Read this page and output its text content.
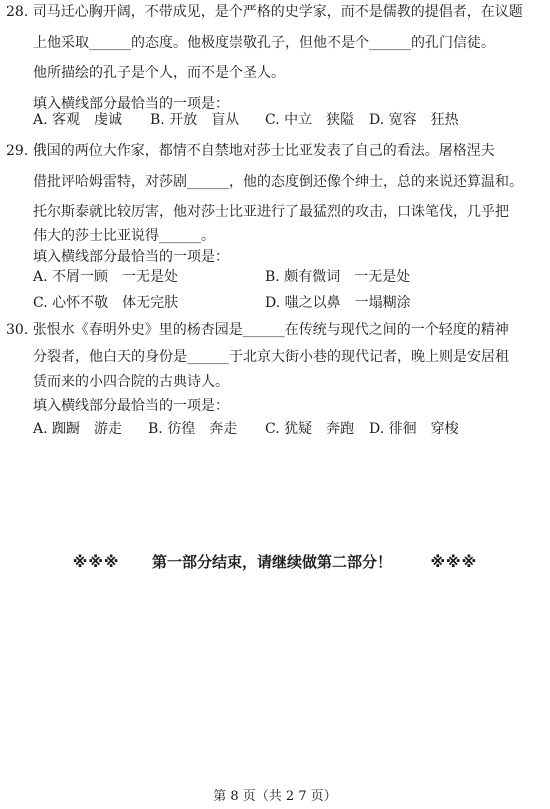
28. 司马迁心胸开阔，不带成见，是个严格的史学家，而不是儒教的提倡者，在议题
上他采取______的态度。他极度崇敬孔子，但他不是个______的孔门信徒。
他所描绘的孔子是个人，而不是个圣人。
填入横线部分最恰当的一项是：
A. 客观　虔诚 B. 开放　盲从 C. 中立　狭隘 D. 宽容　狂热
29. 俄国的两位大作家，都情不自禁地对莎士比亚发表了自己的看法。屠格涅夫
借批评哈姆雷特，对莎剧______，他的态度倒还像个绅士，总的来说还算温和。
托尔斯泰就比较厉害，他对莎士比亚进行了最猛烈的攻击，口诛笔伐，几乎把
伟大的莎士比亚说得______。
填入横线部分最恰当的一项是：
A. 不屑一顾　一无是处	B. 颇有微词　一无是处
C. 心怀不敬　体无完肤	D. 嗤之以鼻　一塌糊涂
30. 张恨水《春明外史》里的杨杏园是______在传统与现代之间的一个轻度的精神
分裂者，他白天的身份是______于北京大街小巷的现代记者，晚上则是安居租
赁而来的小四合院的古典诗人。
填入横线部分最恰当的一项是：
A. 踟蹰　游走 B. 彷徨　奔走 C. 犹疑　奔跑 D. 徘徊　穿梭
※※※ 第一部分结束，请继续做第二部分！	※※※
第 8 页（共 2 7 页）
